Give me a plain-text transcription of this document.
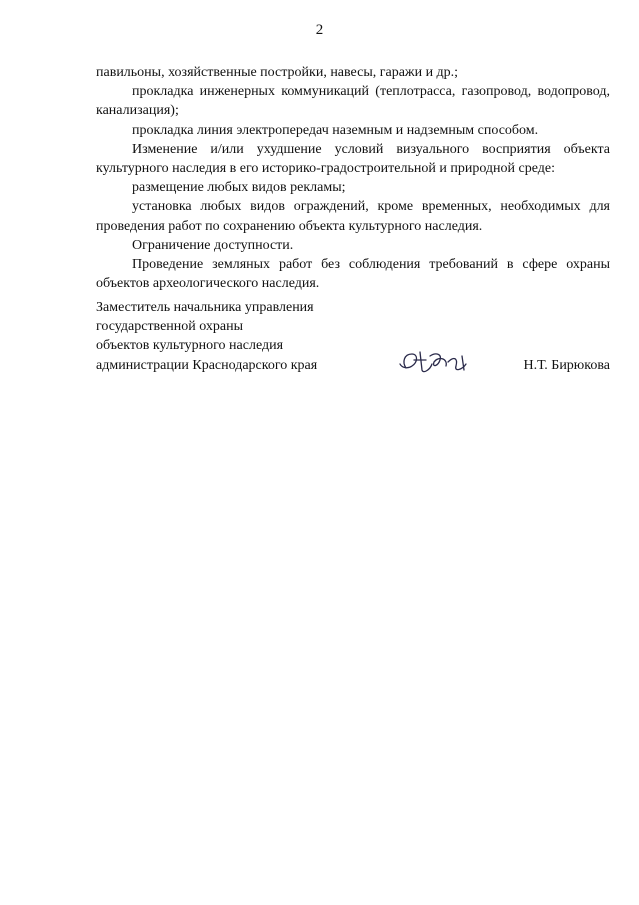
2

павильоны, хозяйственные постройки, навесы, гаражи и др.;

прокладка инженерных коммуникаций (теплотрасса, газопровод, водопровод, канализация);

прокладка линия электропередач наземным и надземным способом.

Изменение и/или ухудшение условий визуального восприятия объекта культурного наследия в его историко-градостроительной и природной среде:

размещение любых видов рекламы;

установка любых видов ограждений, кроме временных, необходимых для проведения работ по сохранению объекта культурного наследия.

Ограничение доступности.

Проведение земляных работ без соблюдения требований в сфере охраны объектов археологического наследия.

Заместитель начальника управления
государственной охраны
объектов культурного наследия
администрации Краснодарского края	Н.Т. Бирюкова
